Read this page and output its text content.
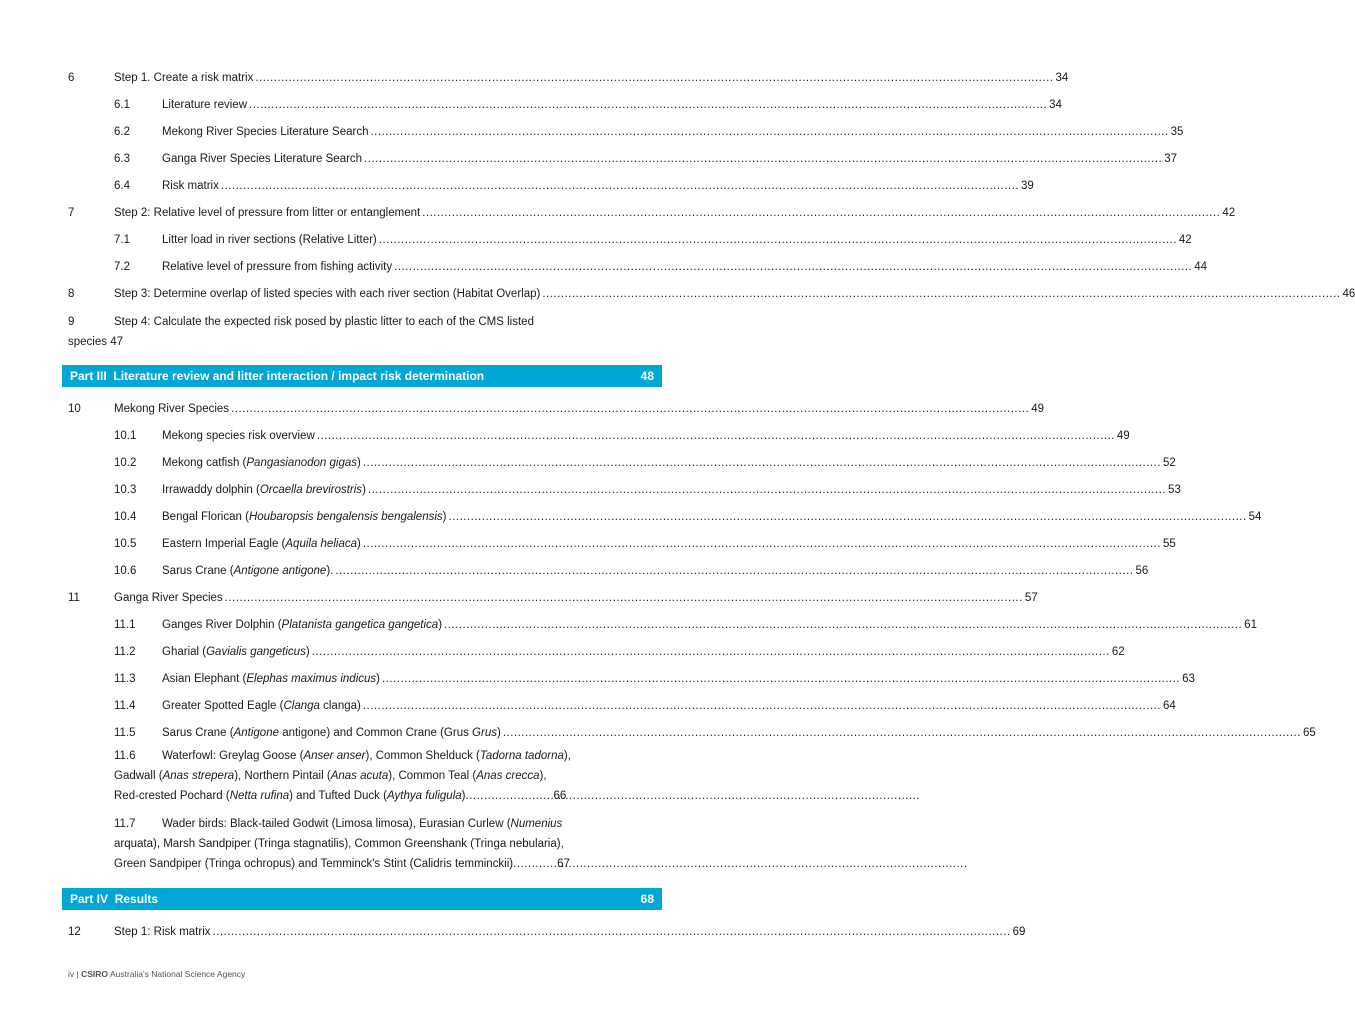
6	Step 1. Create a risk matrix .....	34
6.1	Literature review .....	34
6.2	Mekong River Species Literature Search .....	35
6.3	Ganga River Species Literature Search .....	37
6.4	Risk matrix .....	39
7	Step 2: Relative level of pressure from litter or entanglement .....	42
7.1	Litter load in river sections (Relative Litter) .....	42
7.2	Relative level of pressure from fishing activity .....	44
8	Step 3: Determine overlap of listed species with each river section (Habitat Overlap) .....	46
9	Step 4: Calculate the expected risk posed by plastic litter to each of the CMS listed
species 47
Part III Literature review and litter interaction / impact risk determination	48
10	Mekong River Species .....	49
10.1	Mekong species risk overview .....	49
10.2	Mekong catfish (Pangasianodon gigas) .....	52
10.3	Irrawaddy dolphin (Orcaella brevirostris) .....	53
10.4	Bengal Florican (Houbaropsis bengalensis bengalensis) .....	54
10.5	Eastern Imperial Eagle (Aquila heliaca) .....	55
10.6	Sarus Crane (Antigone antigone). .....	56
11	Ganga River Species .....	57
11.1	Ganges River Dolphin (Platanista gangetica gangetica) .....	61
11.2	Gharial (Gavialis gangeticus) .....	62
11.3	Asian Elephant (Elephas maximus indicus) .....	63
11.4	Greater Spotted Eagle (Clanga clanga) .....	64
11.5	Sarus Crane (Antigone antigone) and Common Crane (Grus Grus) .....	65
11.6 Waterfowl: Greylag Goose (Anser anser), Common Shelduck (Tadorna tadorna),
Gadwall (Anas strepera), Northern Pintail (Anas acuta), Common Teal (Anas crecca),
Red-crested Pochard (Netta rufina) and Tufted Duck (Aythya fuligula) .....	66
11.7 Wader birds: Black-tailed Godwit (Limosa limosa), Eurasian Curlew (Numenius
arquata), Marsh Sandpiper (Tringa stagnatilis), Common Greenshank (Tringa nebularia),
Green Sandpiper (Tringa ochropus) and Temminck's Stint (Calidris temminckii) .....	67
Part IV Results	68
12	Step 1: Risk matrix .....	69
iv | CSIRO Australia's National Science Agency
